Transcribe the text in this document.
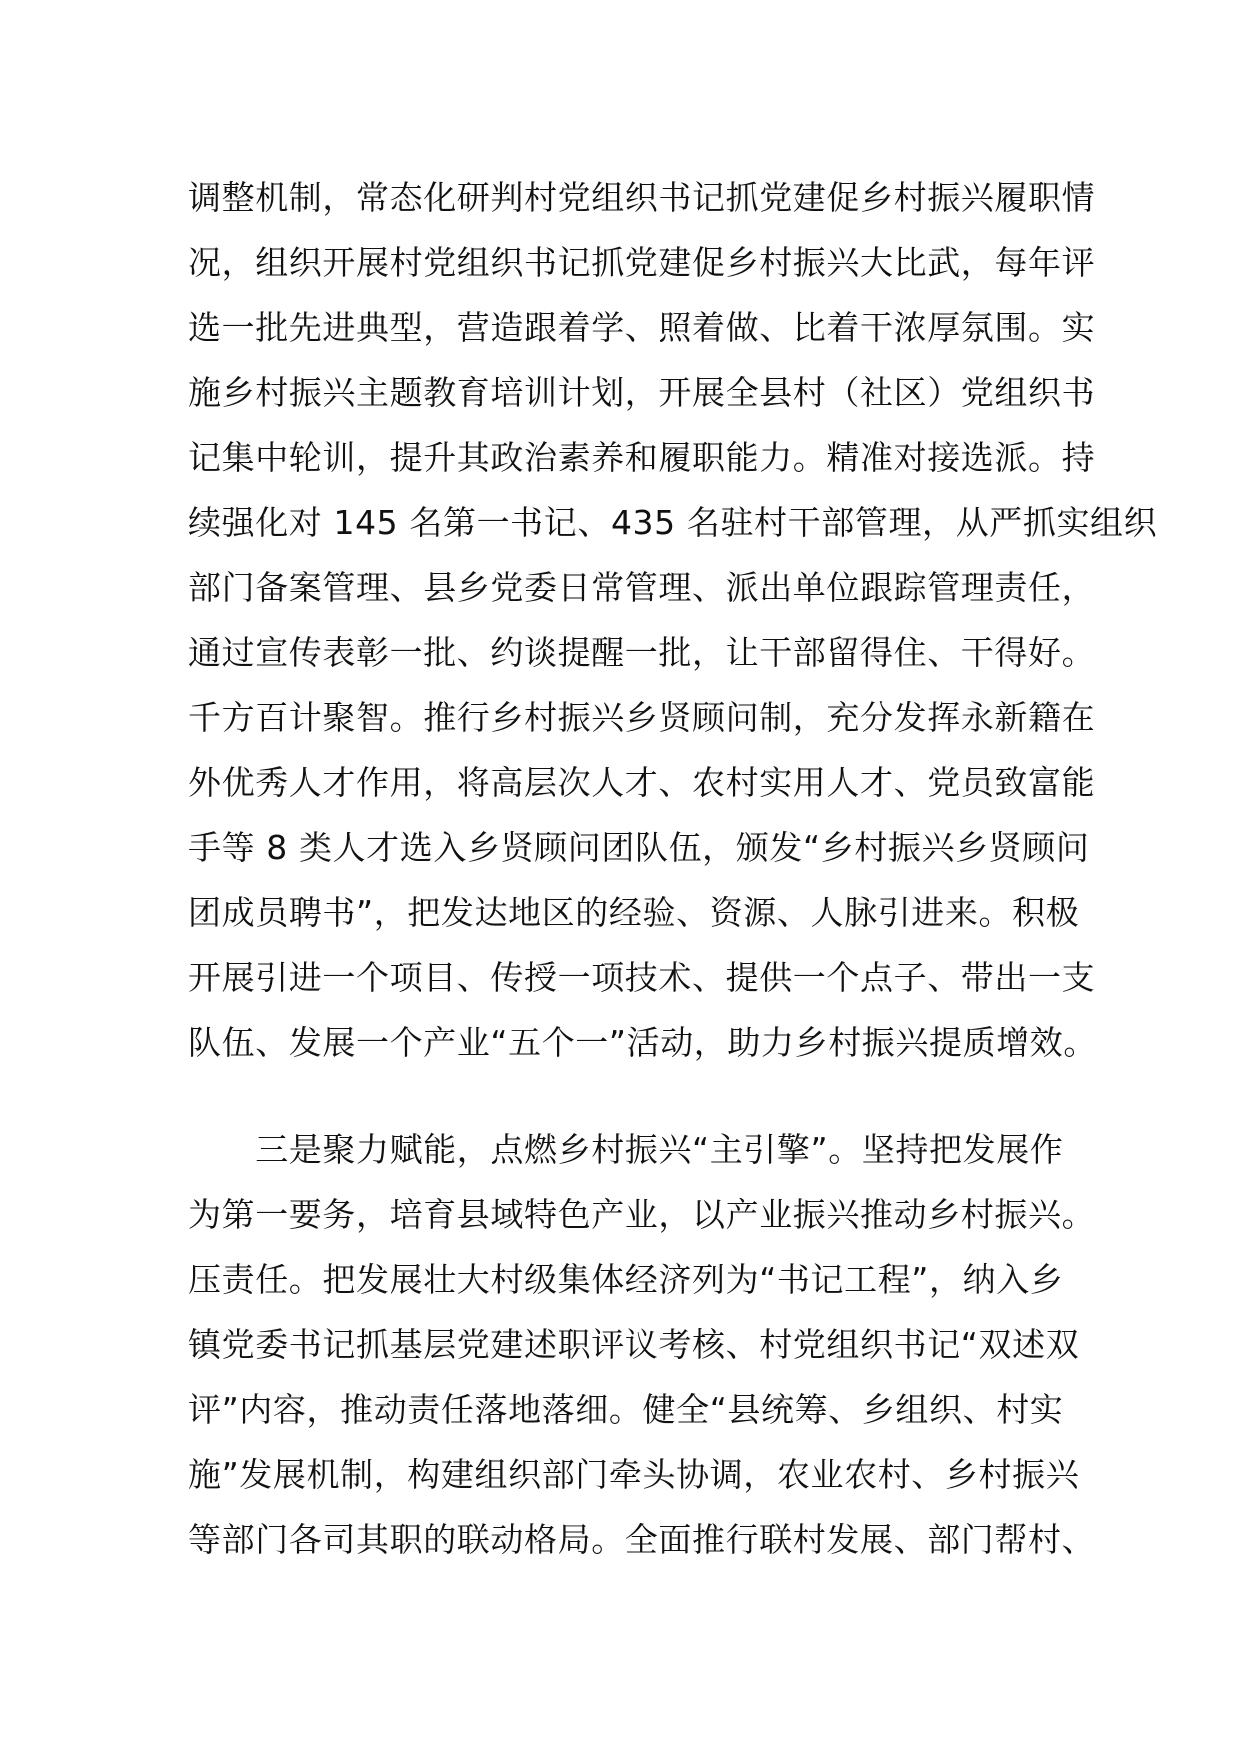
调整机制，常态化研判村党组织书记抓党建促乡村振兴履职情
况，组织开展村党组织书记抓党建促乡村振兴大比武，每年评
选一批先进典型，营造跟着学、照着做、比着干浓厚氛围。实
施乡村振兴主题教育培训计划，开展全县村（社区）党组织书
记集中轮训，提升其政治素养和履职能力。精准对接选派。持
续强化对 145 名第一书记、435 名驻村干部管理，从严抓实组织
部门备案管理、县乡党委日常管理、派出单位跟踪管理责任，
通过宣传表彰一批、约谈提醒一批，让干部留得住、干得好。
千方百计聚智。推行乡村振兴乡贤顾问制，充分发挥永新籍在
外优秀人才作用，将高层次人才、农村实用人才、党员致富能
手等 8 类人才选入乡贤顾问团队伍，颁发“乡村振兴乡贤顾问
团成员聘书”，把发达地区的经验、资源、人脉引进来。积极
开展引进一个项目、传授一项技术、提供一个点子、带出一支
队伍、发展一个产业“五个一”活动，助力乡村振兴提质增效。
　　三是聚力赋能，点燃乡村振兴“主引擎”。坚持把发展作
为第一要务，培育县域特色产业，以产业振兴推动乡村振兴。
压责任。把发展壮大村级集体经济列为“书记工程”，纳入乡
镇党委书记抓基层党建述职评议考核、村党组织书记“双述双
评”内容，推动责任落地落细。健全“县统筹、乡组织、村实
施”发展机制，构建组织部门牵头协调，农业农村、乡村振兴
等部门各司其职的联动格局。全面推行联村发展、部门帮村、
